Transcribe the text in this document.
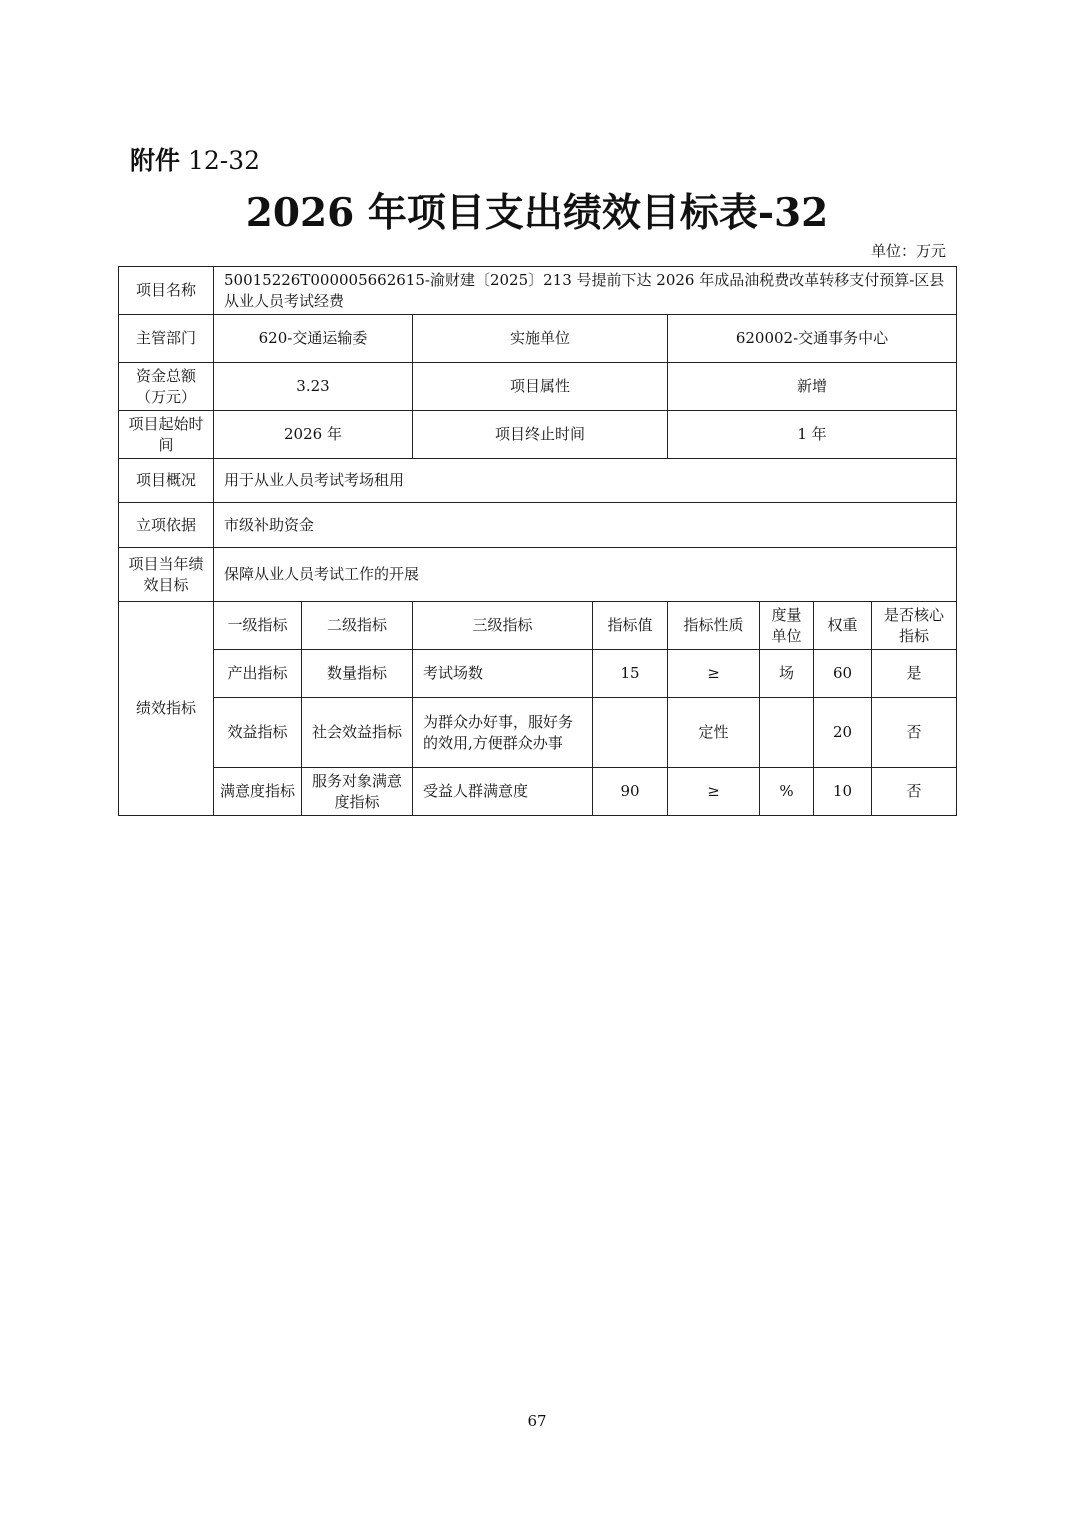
附件 12-32
2026 年项目支出绩效目标表-32
单位：万元
项目名称	50015226T000005662615-渝财建〔2025〕213 号提前下达 2026 年成品油税费改革转移支付预算-区县从业人员考试经费							
主管部门	620-交通运输委		实施单位		620002-交通事务中心			
资金总额（万元）	3.23		项目属性		新增			
项目起始时间	2026 年		项目终止时间		1 年			
项目概况	用于从业人员考试考场租用							
立项依据	市级补助资金							
项目当年绩效目标	保障从业人员考试工作的开展							
绩效指标	一级指标	二级指标	三级指标	指标值	指标性质	度量单位	权重	是否核心指标
	产出指标	数量指标	考试场数	15	≥	场	60	是
	效益指标	社会效益指标	为群众办好事，服好务的效用,方便群众办事		定性		20	否
	满意度指标	服务对象满意度指标	受益人群满意度	90	≥	%	10	否
67
